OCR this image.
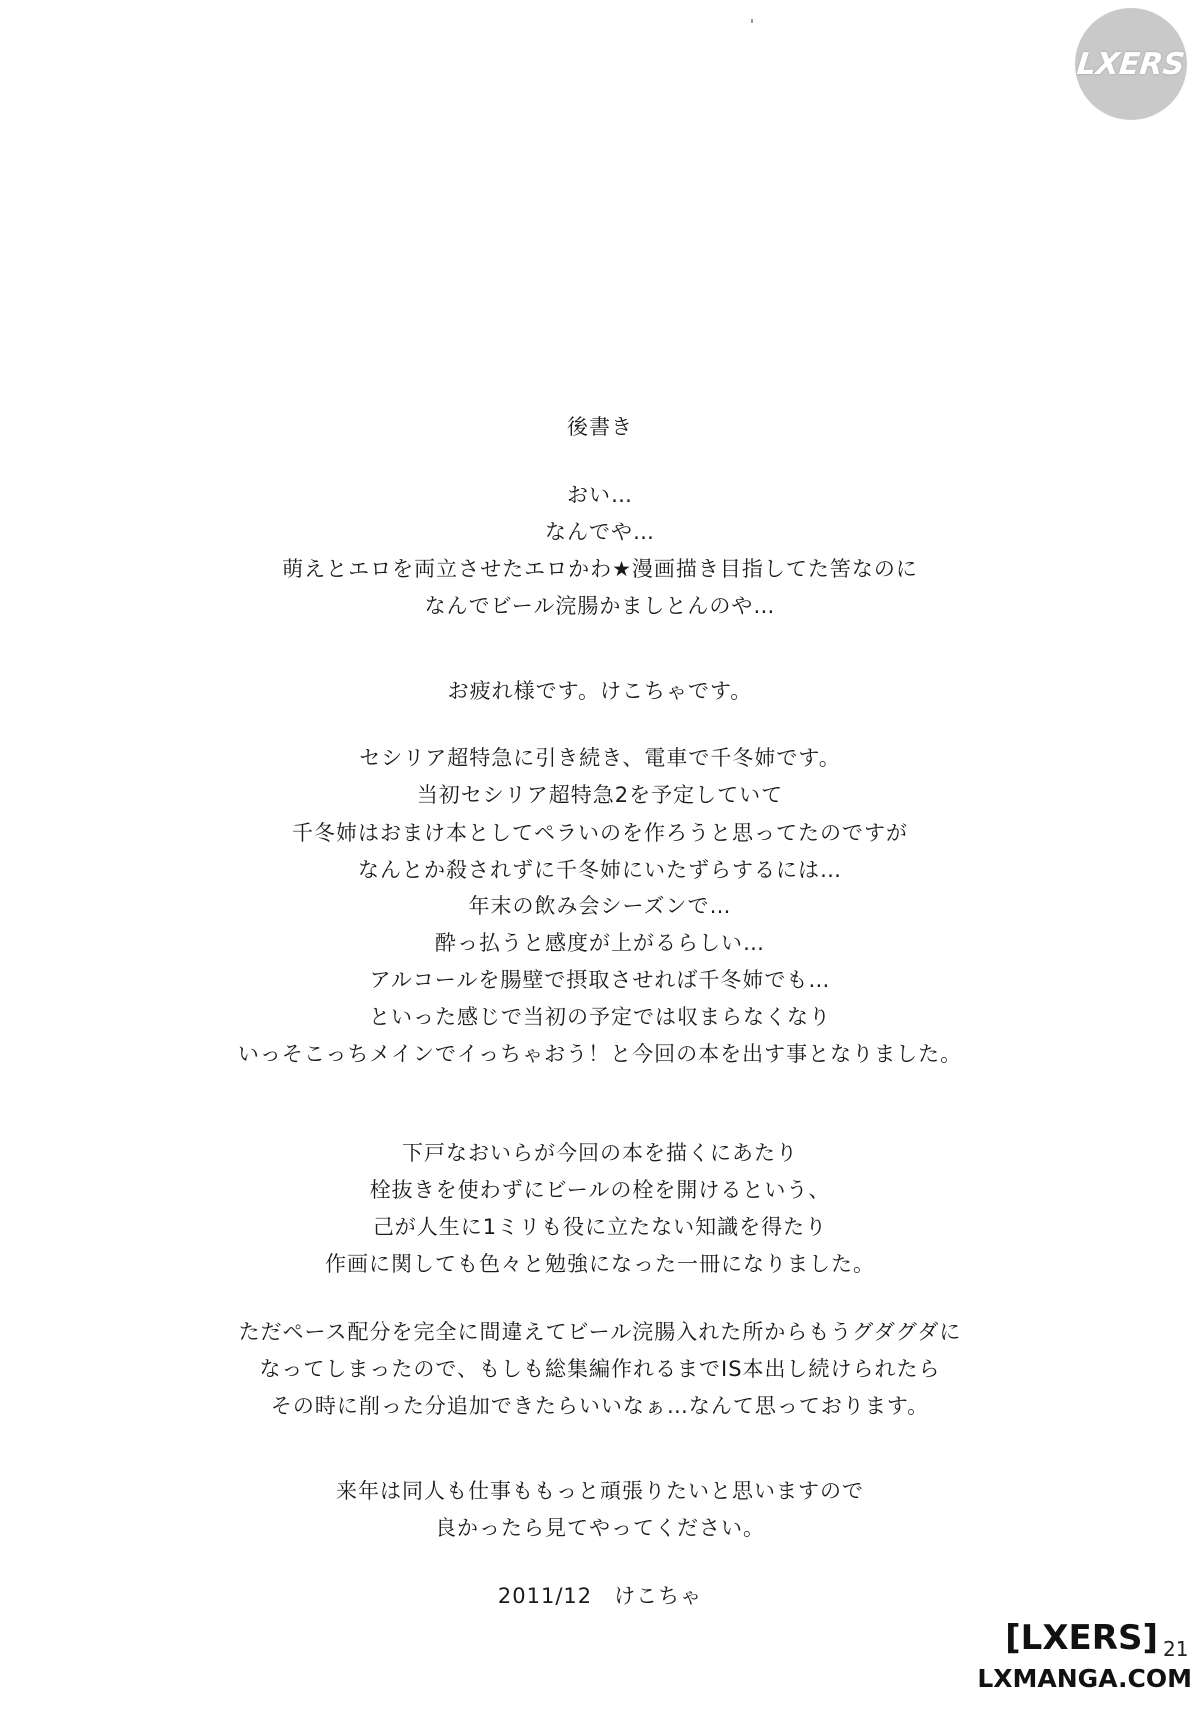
LXERS
後書き
おい…
なんでや…
萌えとエロを両立させたエロかわ★漫画描き目指してた筈なのに
なんでビール浣腸かましとんのや…
お疲れ様です。けこちゃです。
セシリア超特急に引き続き、電車で千冬姉です。
当初セシリア超特急2を予定していて
千冬姉はおまけ本としてペラいのを作ろうと思ってたのですが
なんとか殺されずに千冬姉にいたずらするには…
年末の飲み会シーズンで…
酔っ払うと感度が上がるらしい…
アルコールを腸壁で摂取させれば千冬姉でも…
といった感じで当初の予定では収まらなくなり
いっそこっちメインでイっちゃおう！と今回の本を出す事となりました。
下戸なおいらが今回の本を描くにあたり
栓抜きを使わずにビールの栓を開けるという、
己が人生に1ミリも役に立たない知識を得たり
作画に関しても色々と勉強になった一冊になりました。
ただペース配分を完全に間違えてビール浣腸入れた所からもうグダグダに
なってしまったので、もしも総集編作れるまでIS本出し続けられたら
その時に削った分追加できたらいいなぁ…なんて思っております。
来年は同人も仕事ももっと頑張りたいと思いますので
良かったら見てやってください。
2011/12　けこちゃ
[LXERS]
LXMANGA.COM
21
